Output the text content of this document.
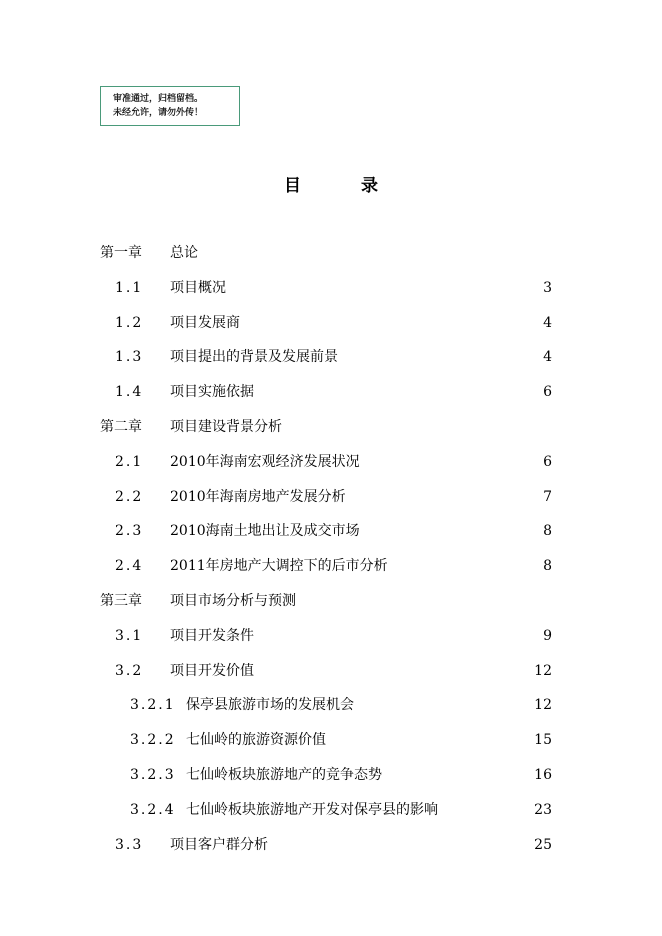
审准通过，归档留档。
未经允许，请勿外传！
目录
第一章 总论
1.1 项目概况	3
1.2 项目发展商	4
1.3 项目提出的背景及发展前景	4
1.4 项目实施依据	6
第二章 项目建设背景分析
2.1 2010年海南宏观经济发展状况	6
2.2 2010年海南房地产发展分析	7
2.3 2010海南土地出让及成交市场	8
2.4 2011年房地产大调控下的后市分析	8
第三章 项目市场分析与预测
3.1 项目开发条件	9
3.2 项目开发价值	12
3.2.1 保亭县旅游市场的发展机会	12
3.2.2 七仙岭的旅游资源价值	15
3.2.3 七仙岭板块旅游地产的竞争态势	16
3.2.4 七仙岭板块旅游地产开发对保亭县的影响	23
3.3 项目客户群分析	25
